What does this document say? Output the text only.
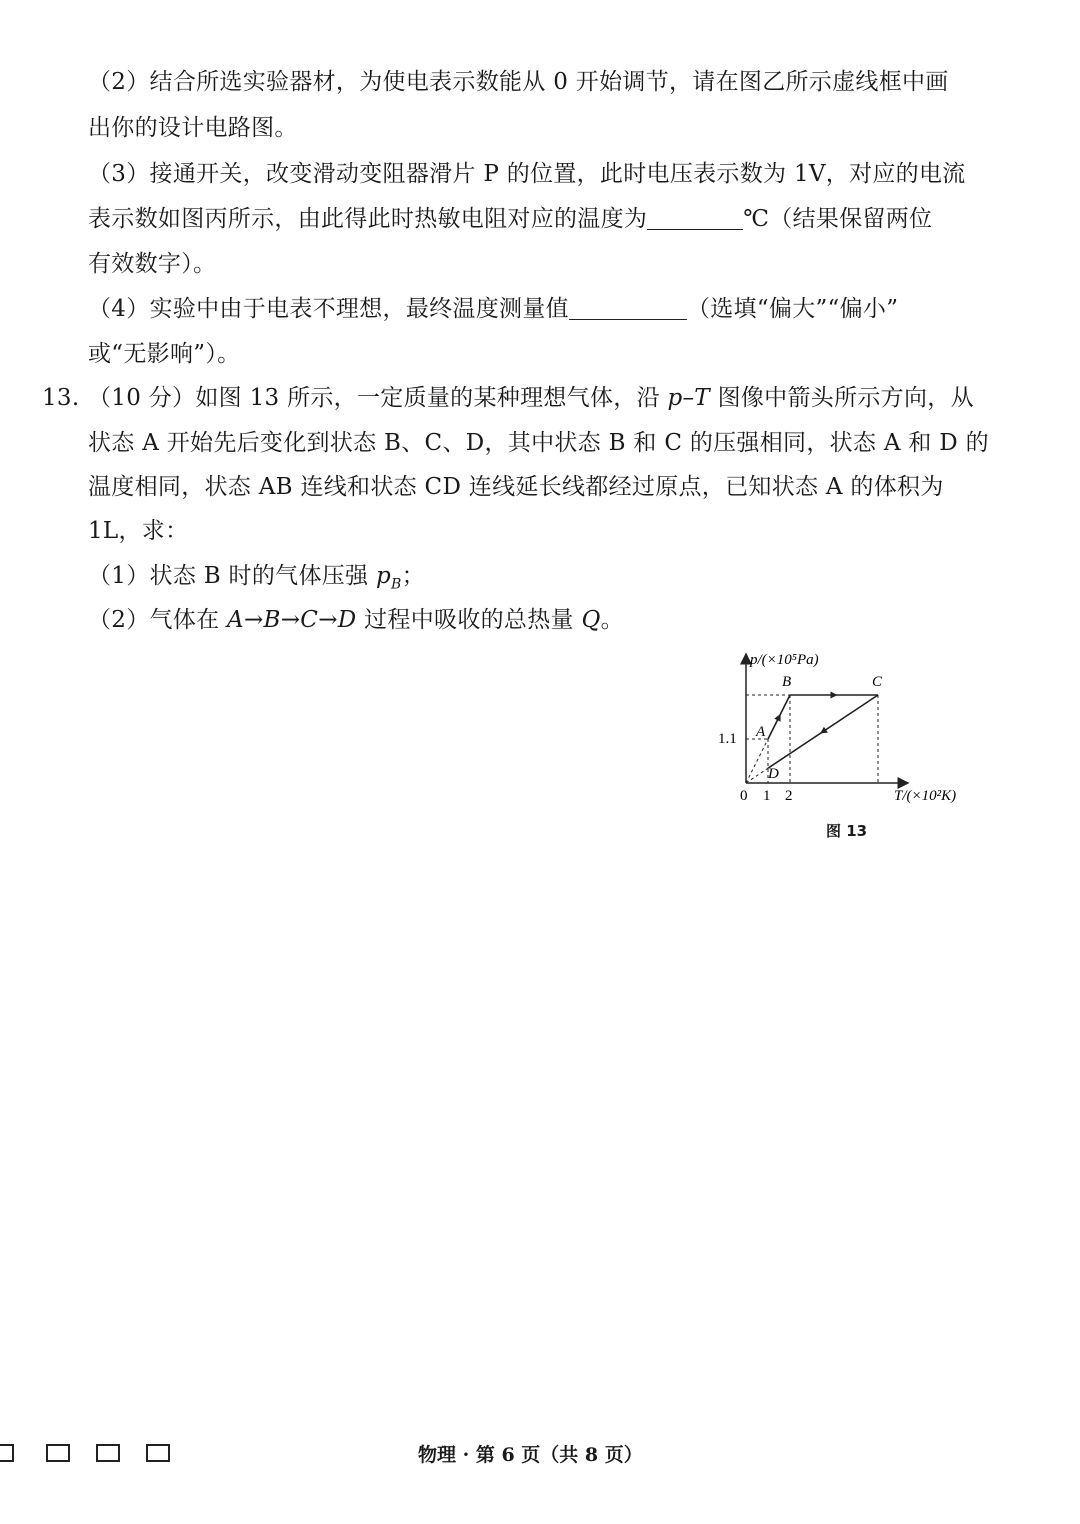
（2）结合所选实验器材，为使电表示数能从 0 开始调节，请在图乙所示虚线框中画
出你的设计电路图。
（3）接通开关，改变滑动变阻器滑片 P 的位置，此时电压表示数为 1V，对应的电流
表示数如图丙所示，由此得此时热敏电阻对应的温度为	℃（结果保留两位
有效数字）。
（4）实验中由于电表不理想，最终温度测量值	（选填“偏大”“偏小”
或“无影响”）。
13. （10 分）如图 13 所示，一定质量的某种理想气体，沿 p–T 图像中箭头所示方向，从
状态 A 开始先后变化到状态 B、C、D，其中状态 B 和 C 的压强相同，状态 A 和 D 的
温度相同，状态 AB 连线和状态 CD 连线延长线都经过原点，已知状态 A 的体积为
1L，求：
（1）状态 B 时的气体压强 $p_B$；
（2）气体在 A→B→C→D 过程中吸收的总热量 Q。
p/(×10⁵Pa)
T/(×10²K)
1.1
0 1 2
A
B	C
D
图 13
物理 · 第 6 页（共 8 页）
